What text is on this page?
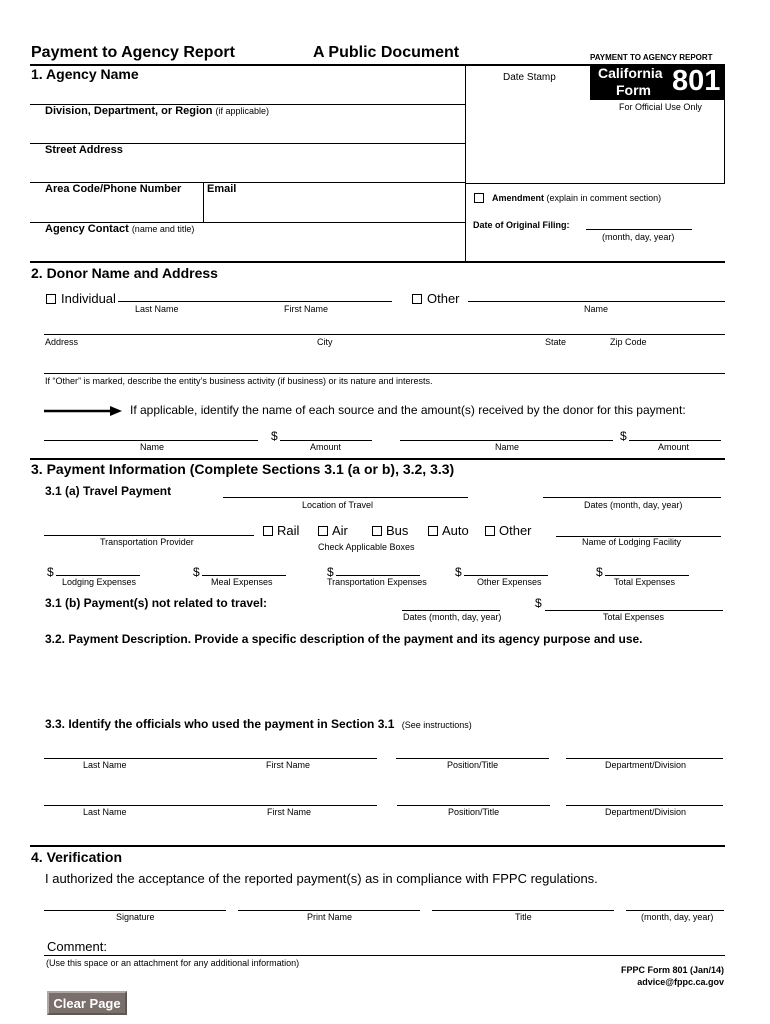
Payment to Agency Report	A Public Document	PAYMENT TO AGENCY REPORT
California
Form 801
For Official Use Only
Date Stamp
1. Agency Name
Division, Department, or Region (if applicable)
Street Address
Area Code/Phone Number Email
Agency Contact (name and title)
Amendment (explain in comment section)
Date of Original Filing:
(month, day, year)
2. Donor Name and Address
Individual
Last Name	First Name
Other
Name
Address	City	State	Zip Code
If “Other” is marked, describe the entity’s business activity (if business) or its nature and interests.
If applicable, identify the name of each source and the amount(s) received by the donor for this payment:
Name
$
Amount	Name
$
Amount
3. Payment Information (Complete Sections 3.1 (a or b), 3.2, 3.3)
3.1 (a) Travel Payment
Location of Travel	Dates (month, day, year)
Transportation Provider
Rail	Air	Bus	Auto Other
Check Applicable Boxes	Name of Lodging Facility
$
Lodging Expenses
$
Meal Expenses
$
Transportation Expenses
$
Other Expenses
$
Total Expenses
3.1 (b) Payment(s) not related to travel:
Dates (month, day, year)
$
Total Expenses
3.2. Payment Description. Provide a specific description of the payment and its agency purpose and use.
3.3. Identify the officials who used the payment in Section 3.1 (See instructions)
Last Name	First Name	Position/Title	Department/Division
Last Name	First Name	Position/Title	Department/Division
4. Verification
I authorized the acceptance of the reported payment(s) as in compliance with FPPC regulations.
Signature	Print Name	Title	(month, day, year)
Comment:
(Use this space or an attachment for any additional information)
FPPC Form 801 (Jan/14)
advice@fppc.ca.gov
Clear Page
